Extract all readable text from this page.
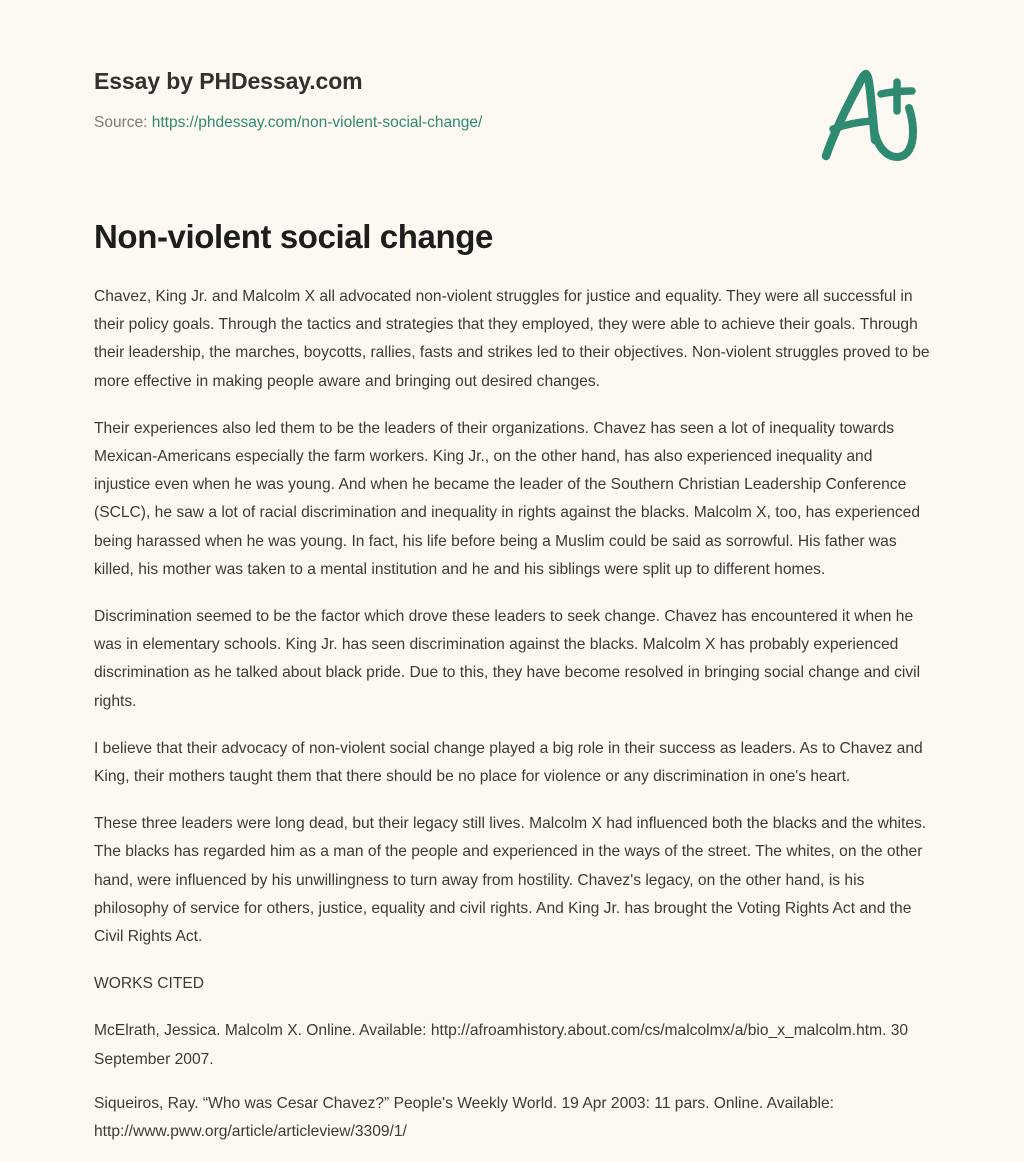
Essay by PHDessay.com
Source: https://phdessay.com/non-violent-social-change/
Non-violent social change

Chavez, King Jr. and Malcolm X all advocated non-violent struggles for justice and equality. They were all successful in their policy goals. Through the tactics and strategies that they employed, they were able to achieve their goals. Through their leadership, the marches, boycotts, rallies, fasts and strikes led to their objectives. Non-violent struggles proved to be more effective in making people aware and bringing out desired changes.

Their experiences also led them to be the leaders of their organizations. Chavez has seen a lot of inequality towards Mexican-Americans especially the farm workers. King Jr., on the other hand, has also experienced inequality and injustice even when he was young. And when he became the leader of the Southern Christian Leadership Conference (SCLC), he saw a lot of racial discrimination and inequality in rights against the blacks. Malcolm X, too, has experienced being harassed when he was young. In fact, his life before being a Muslim could be said as sorrowful. His father was killed, his mother was taken to a mental institution and he and his siblings were split up to different homes.

Discrimination seemed to be the factor which drove these leaders to seek change. Chavez has encountered it when he was in elementary schools. King Jr. has seen discrimination against the blacks. Malcolm X has probably experienced discrimination as he talked about black pride. Due to this, they have become resolved in bringing social change and civil rights.

I believe that their advocacy of non-violent social change played a big role in their success as leaders. As to Chavez and King, their mothers taught them that there should be no place for violence or any discrimination in one's heart.

These three leaders were long dead, but their legacy still lives. Malcolm X had influenced both the blacks and the whites. The blacks has regarded him as a man of the people and experienced in the ways of the street. The whites, on the other hand, were influenced by his unwillingness to turn away from hostility. Chavez's legacy, on the other hand, is his philosophy of service for others, justice, equality and civil rights. And King Jr. has brought the Voting Rights Act and the Civil Rights Act.

WORKS CITED

McElrath, Jessica. Malcolm X. Online. Available: http://afroamhistory.about.com/cs/malcolmx/a/bio_x_malcolm.htm. 30 September 2007.

Siqueiros, Ray. “Who was Cesar Chavez?” People's Weekly World. 19 Apr 2003: 11 pars. Online. Available: http://www.pww.org/article/articleview/3309/1/
